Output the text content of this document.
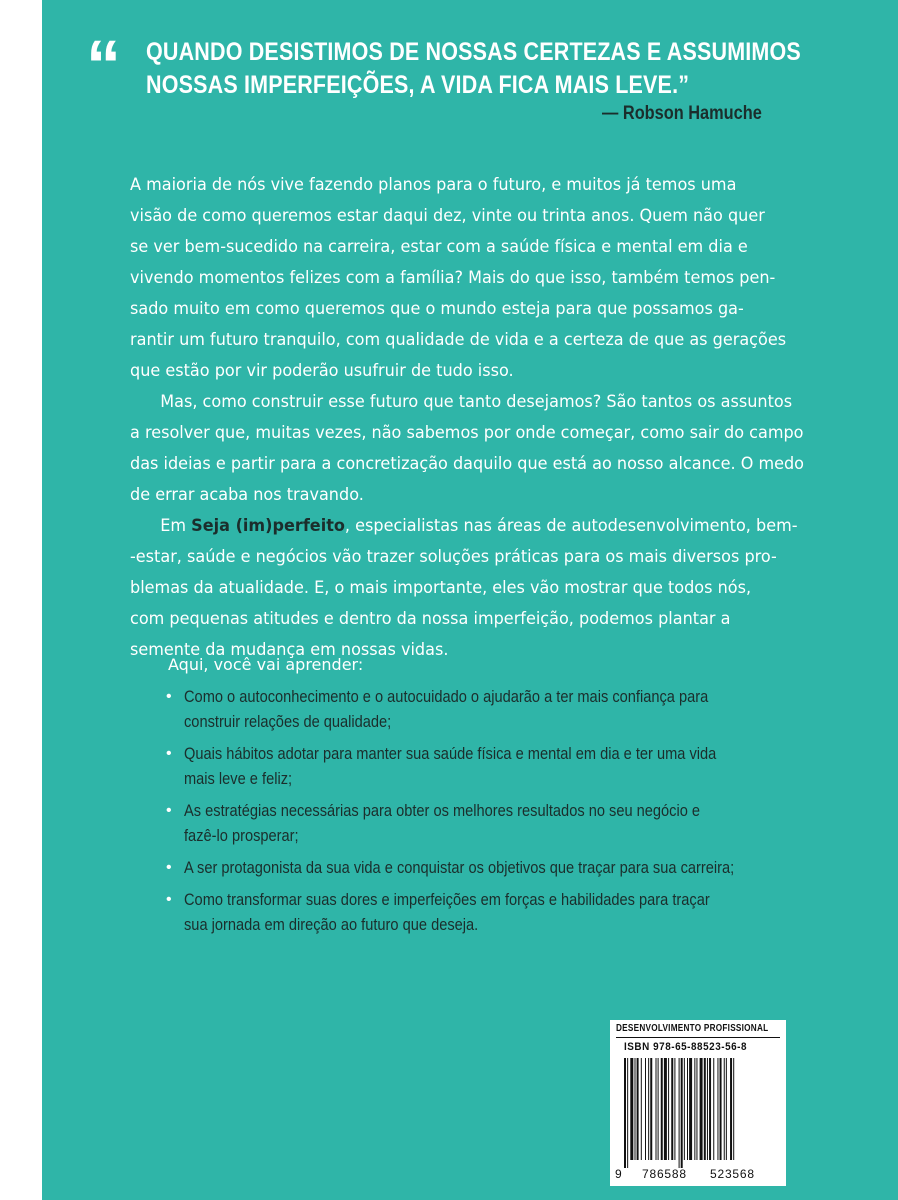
“ QUANDO DESISTIMOS DE NOSSAS CERTEZAS E ASSUMIMOS

NOSSAS IMPERFEIÇÕES, A VIDA FICA MAIS LEVE.”

— Robson Hamuche

A maioria de nós vive fazendo planos para o futuro, e muitos já temos uma

visão de como queremos estar daqui dez, vinte ou trinta anos. Quem não quer

se ver bem-sucedido na carreira, estar com a saúde física e mental em dia e

vivendo momentos felizes com a família? Mais do que isso, também temos pen-

sado muito em como queremos que o mundo esteja para que possamos ga-

rantir um futuro tranquilo, com qualidade de vida e a certeza de que as gerações

que estão por vir poderão usufruir de tudo isso.

Mas, como construir esse futuro que tanto desejamos? São tantos os assuntos

a resolver que, muitas vezes, não sabemos por onde começar, como sair do campo

das ideias e partir para a concretização daquilo que está ao nosso alcance. O medo

de errar acaba nos travando.

Em Seja (im)perfeito, especialistas nas áreas de autodesenvolvimento, bem-

-estar, saúde e negócios vão trazer soluções práticas para os mais diversos pro-

blemas da atualidade. E, o mais importante, eles vão mostrar que todos nós,

com pequenas atitudes e dentro da nossa imperfeição, podemos plantar a

semente da mudança em nossas vidas.

Aqui, você vai aprender:

• Como o autoconhecimento e o autocuidado o ajudarão a ter mais confiança para
construir relações de qualidade;
• Quais hábitos adotar para manter sua saúde física e mental em dia e ter uma vida
mais leve e feliz;
• As estratégias necessárias para obter os melhores resultados no seu negócio e
fazê-lo prosperar;
• A ser protagonista da sua vida e conquistar os objetivos que traçar para sua carreira;
• Como transformar suas dores e imperfeições em forças e habilidades para traçar
sua jornada em direção ao futuro que deseja.
DESENVOLVIMENTO PROFISSIONAL
ISBN 978-65-88523-56-8
9 786588 523568
